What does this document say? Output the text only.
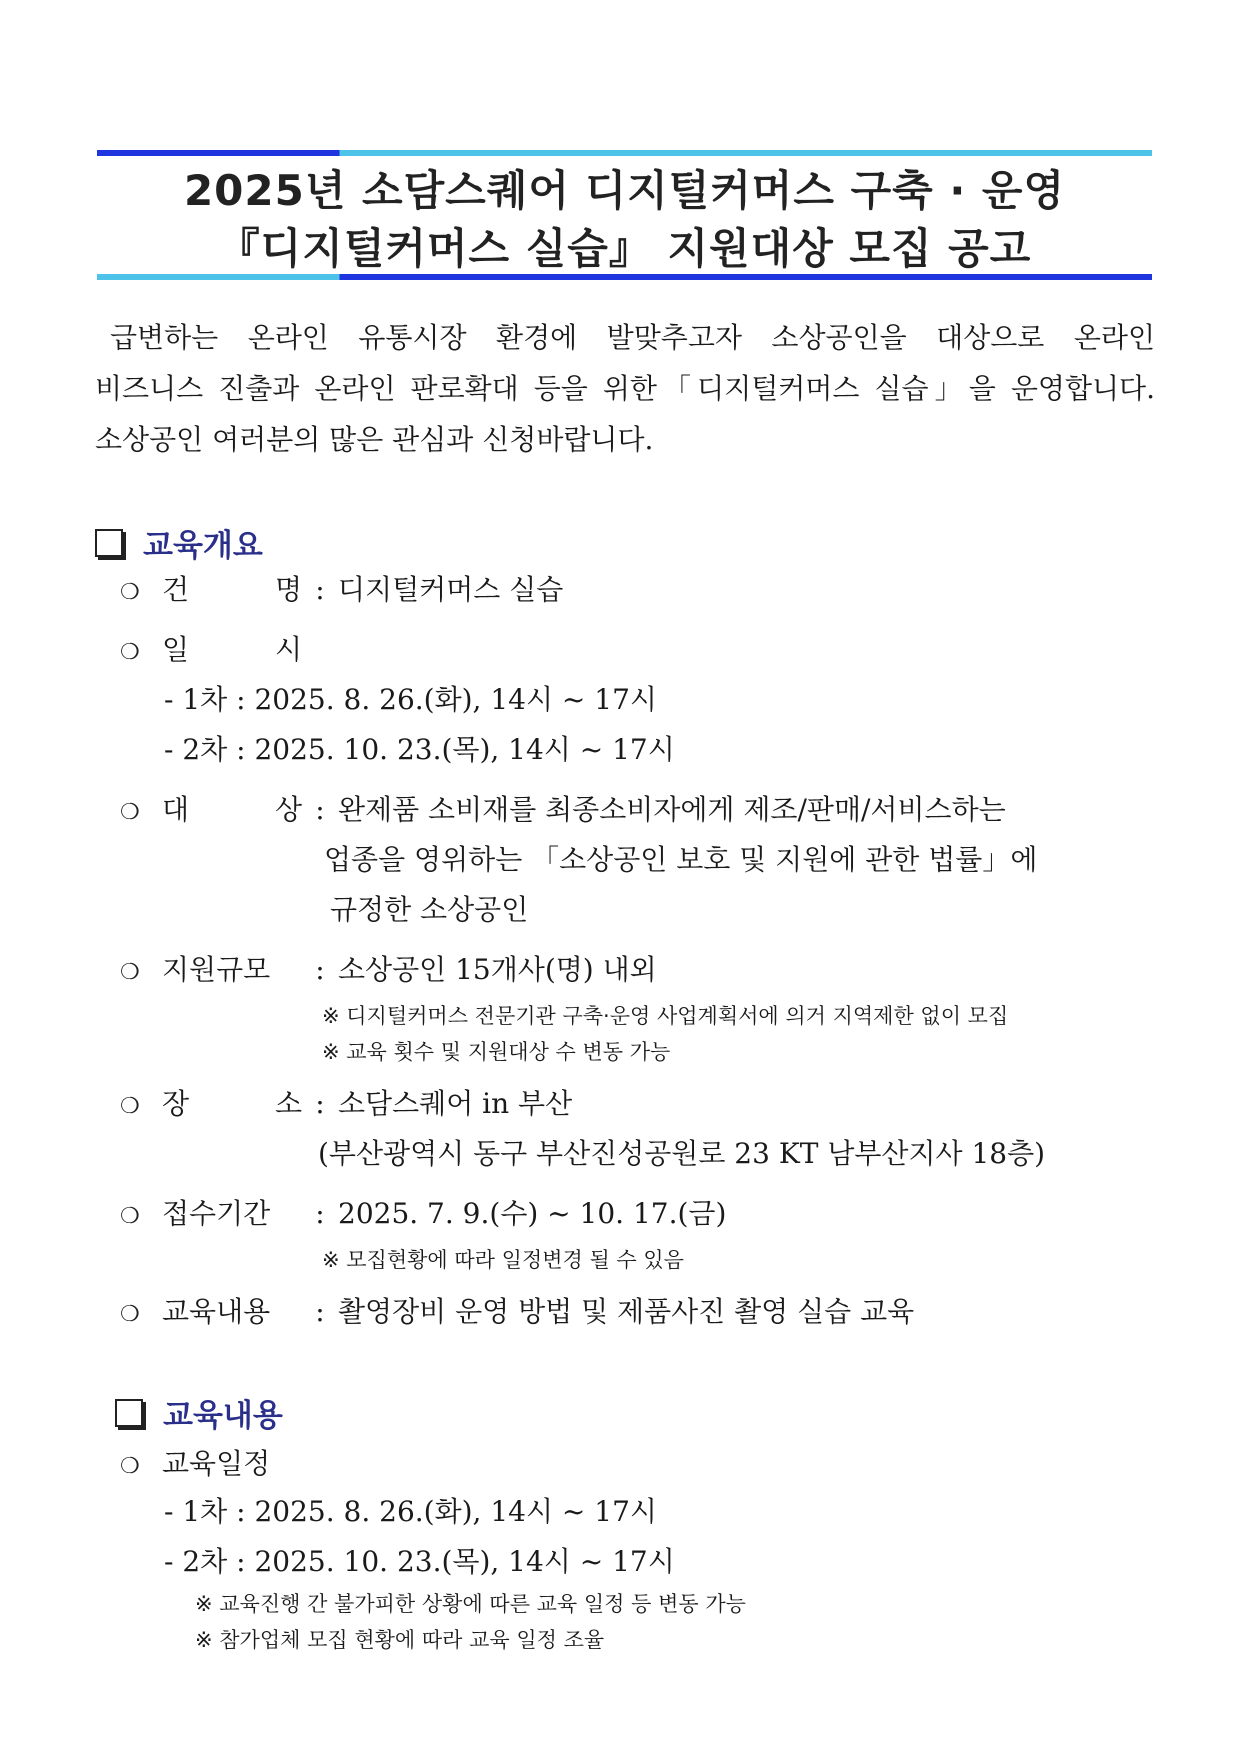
2025년 소담스퀘어 디지털커머스 구축 · 운영
『디지털커머스 실습』 지원대상 모집 공고

급변하는 온라인 유통시장 환경에 발맞추고자 소상공인을 대상으로 온라인

비즈니스 진출과 온라인 판로확대 등을 위한「디지털커머스 실습」을 운영합니다.

소상공인 여러분의 많은 관심과 신청바랍니다.

교육개요
❍ 건	명 : 디지털커머스 실습
❍ 일	시
- 1차 : 2025. 8. 26.(화), 14시 ~ 17시
- 2차 : 2025. 10. 23.(목), 14시 ~ 17시
❍ 대	상 : 완제품 소비재를 최종소비자에게 제조/판매/서비스하는
업종을 영위하는 「소상공인 보호 및 지원에 관한 법률」에
규정한 소상공인
❍ 지원규모	: 소상공인 15개사(명) 내외
※ 디지털커머스 전문기관 구축·운영 사업계획서에 의거 지역제한 없이 모집
※ 교육 횟수 및 지원대상 수 변동 가능
❍ 장	소 : 소담스퀘어 in 부산
(부산광역시 동구 부산진성공원로 23 KT 남부산지사 18층)
❍ 접수기간	: 2025. 7. 9.(수) ~ 10. 17.(금)
※ 모집현황에 따라 일정변경 될 수 있음
❍ 교육내용	: 촬영장비 운영 방법 및 제품사진 촬영 실습 교육
교육내용
❍ 교육일정
- 1차 : 2025. 8. 26.(화), 14시 ~ 17시
- 2차 : 2025. 10. 23.(목), 14시 ~ 17시
※ 교육진행 간 불가피한 상황에 따른 교육 일정 등 변동 가능
※ 참가업체 모집 현황에 따라 교육 일정 조율
